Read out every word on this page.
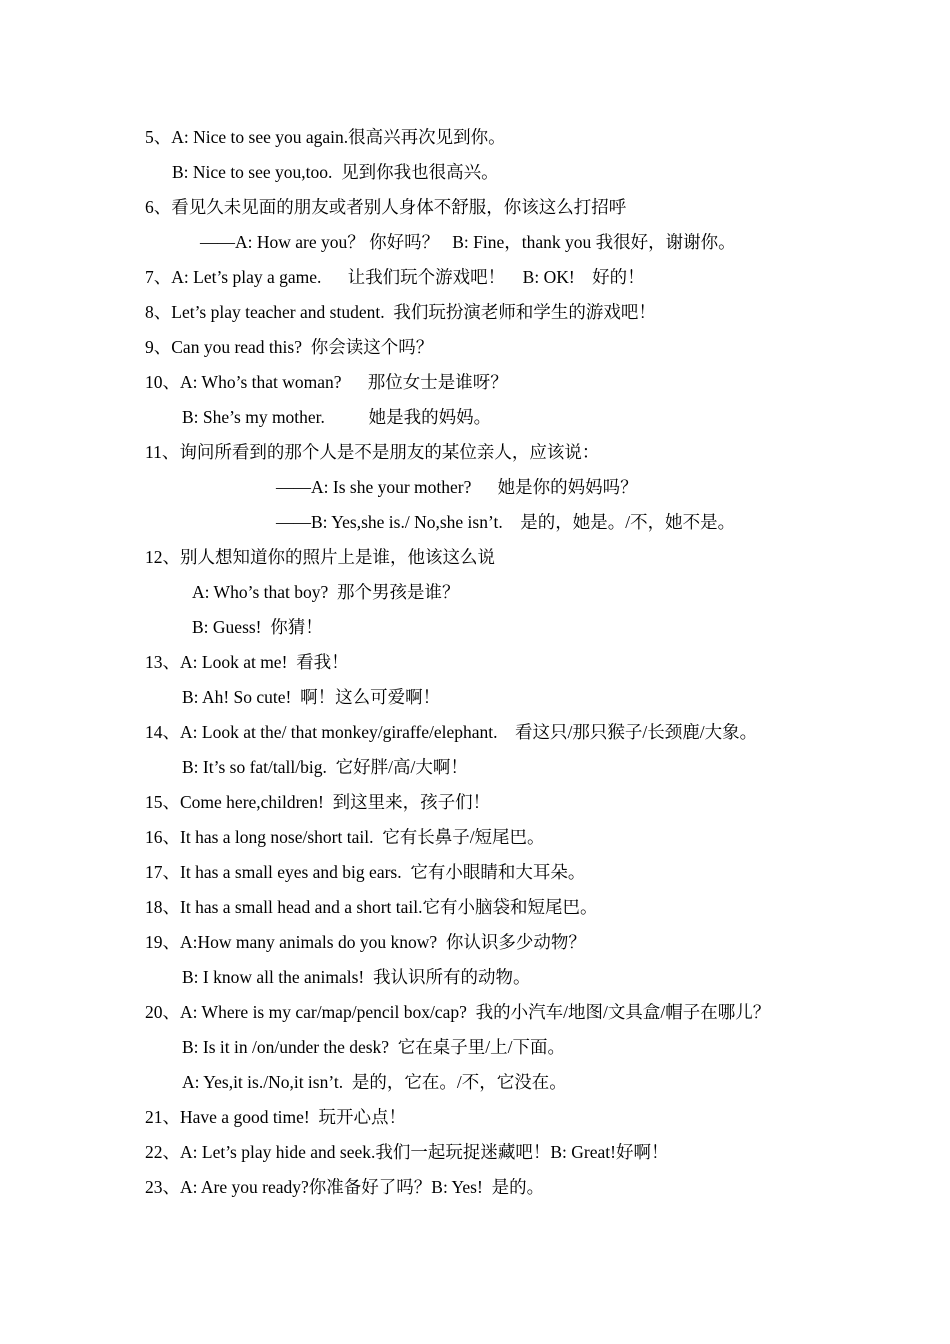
5、A: Nice to see you again.很高兴再次见到你。

B: Nice to see you,too.  见到你我也很高兴。

6、看见久未见面的朋友或者别人身体不舒服，你该这么打招呼

——A: How are you？ 你好吗？   B: Fine，thank you 我很好，谢谢你。

7、A: Let’s play a game.      让我们玩个游戏吧！    B: OK!    好的！

8、Let’s play teacher and student.  我们玩扮演老师和学生的游戏吧！

9、Can you read this?  你会读这个吗？

10、A: Who’s that woman?      那位女士是谁呀？

B: She’s my mother.          她是我的妈妈。

11、询问所看到的那个人是不是朋友的某位亲人，应该说：

——A: Is she your mother?      她是你的妈妈吗？

——B: Yes,she is./ No,she isn’t.    是的，她是。/不，她不是。

12、别人想知道你的照片上是谁，他该这么说

A: Who’s that boy?  那个男孩是谁？

B: Guess!  你猜！

13、A: Look at me!  看我！

B: Ah! So cute!  啊！这么可爱啊！

14、A: Look at the/ that monkey/giraffe/elephant.    看这只/那只猴子/长颈鹿/大象。

B: It’s so fat/tall/big.  它好胖/高/大啊！

15、Come here,children!  到这里来，孩子们！

16、It has a long nose/short tail.  它有长鼻子/短尾巴。

17、It has a small eyes and big ears.  它有小眼睛和大耳朵。

18、It has a small head and a short tail.它有小脑袋和短尾巴。

19、A:How many animals do you know?  你认识多少动物？

B: I know all the animals!  我认识所有的动物。

20、A: Where is my car/map/pencil box/cap?  我的小汽车/地图/文具盒/帽子在哪儿？

B: Is it in /on/under the desk?  它在桌子里/上/下面。

A: Yes,it is./No,it isn’t.  是的，它在。/不，它没在。

21、Have a good time!  玩开心点！

22、A: Let’s play hide and seek.我们一起玩捉迷藏吧！B: Great!好啊！

23、A: Are you ready?你准备好了吗？B: Yes!  是的。
